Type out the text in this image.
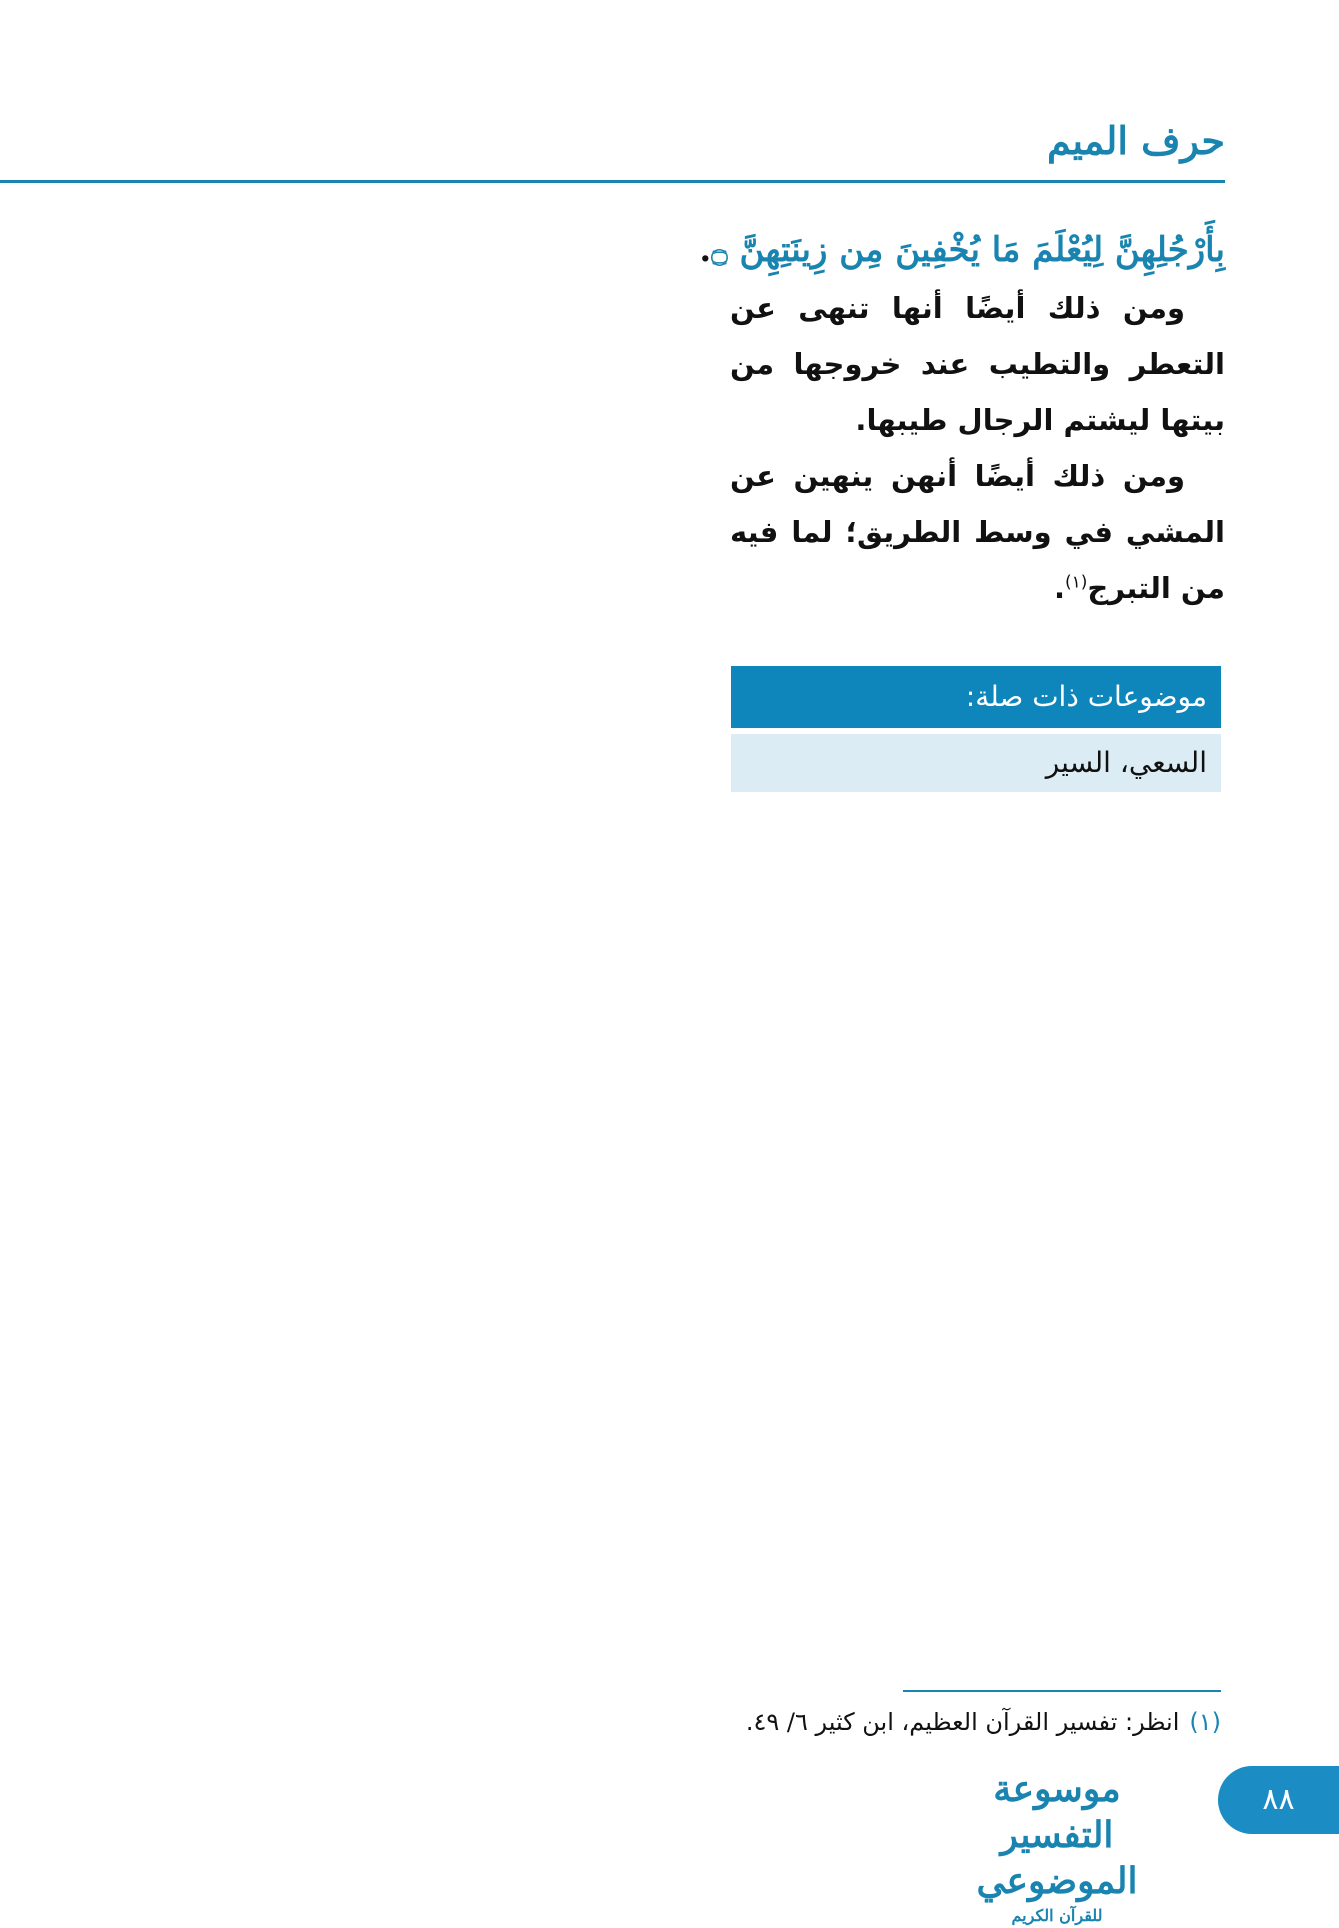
حرف الميم
بِأَرْجُلِهِنَّ لِيُعْلَمَ مَا يُخْفِينَ مِن زِينَتِهِنَّ ۝.

ومن ذلك أيضًا أنها تنهى عن التعطر والتطيب عند خروجها من بيتها ليشتم الرجال طيبها.

ومن ذلك أيضًا أنهن ينهين عن المشي في وسط الطريق؛ لما فيه من التبرج$^{(١)}$.

موضوعات ذات صلة:
السعي، السير
(١)انظر: تفسير القرآن العظيم، ابن كثير ٦/ ٤٩.
موسوعة التفسير الموضوعي
للقرآن الكريم
٨٨
